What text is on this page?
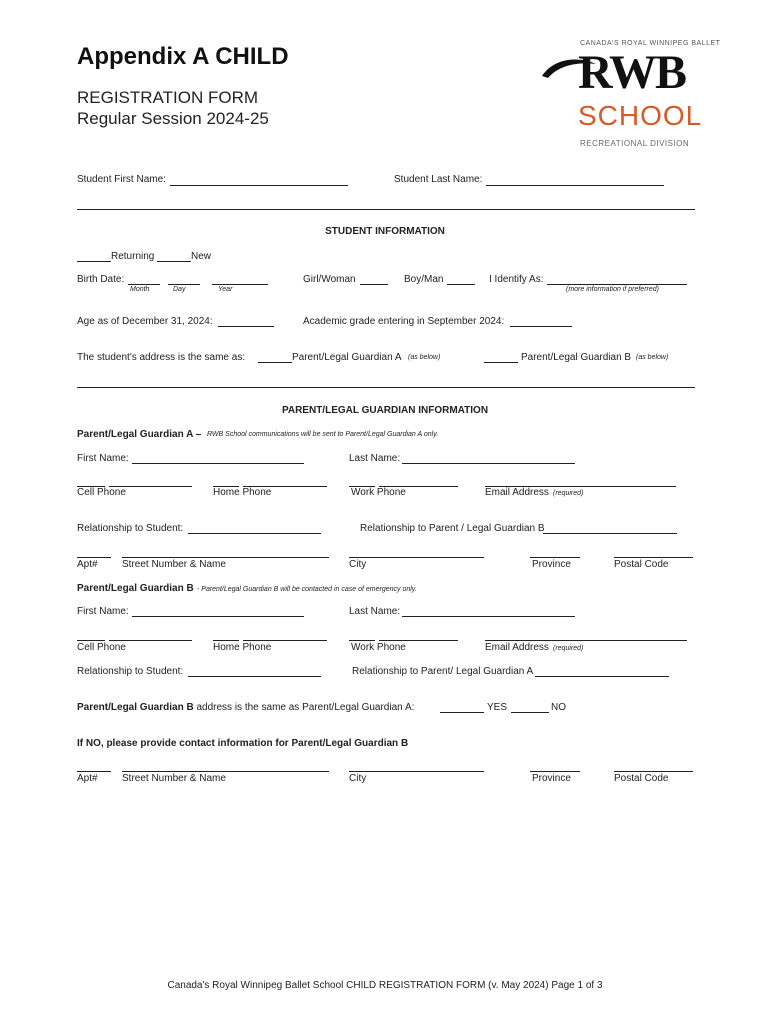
Appendix A CHILD
REGISTRATION FORM
Regular Session 2024-25
CANADA'S ROYAL WINNIPEG BALLET
RWB
SCHOOL
RECREATIONAL DIVISION
Student First Name:	Student Last Name:
STUDENT INFORMATION
Returning	New
Birth Date:
Month	Day	Year
Girl/Woman	Boy/Man	I Identify As:
(more information if preferred)
Age as of December 31, 2024:	Academic grade entering in September 2024:
The student's address is the same as:	Parent/Legal Guardian A (as below)	Parent/Legal Guardian B (as below)
PARENT/LEGAL GUARDIAN INFORMATION
Parent/Legal Guardian A – RWB School communications will be sent to Parent/Legal Guardian A only.
First Name:	Last Name:
Cell Phone	Home Phone	Work Phone	Email Address (required)
Relationship to Student:	Relationship to Parent / Legal Guardian B
Apt# Street Number & Name	City	Province	Postal Code
Parent/Legal Guardian B - Parent/Legal Guardian B will be contacted in case of emergency only.
First Name:	Last Name:
Cell Phone	Home Phone	Work Phone	Email Address (required)
Relationship to Student:	Relationship to Parent/ Legal Guardian A
Parent/Legal Guardian B address is the same as Parent/Legal Guardian A:	YES	NO
If NO, please provide contact information for Parent/Legal Guardian B
Apt# Street Number & Name	City	Province	Postal Code
Canada's Royal Winnipeg Ballet School CHILD REGISTRATION FORM (v. May 2024) Page 1 of 3
